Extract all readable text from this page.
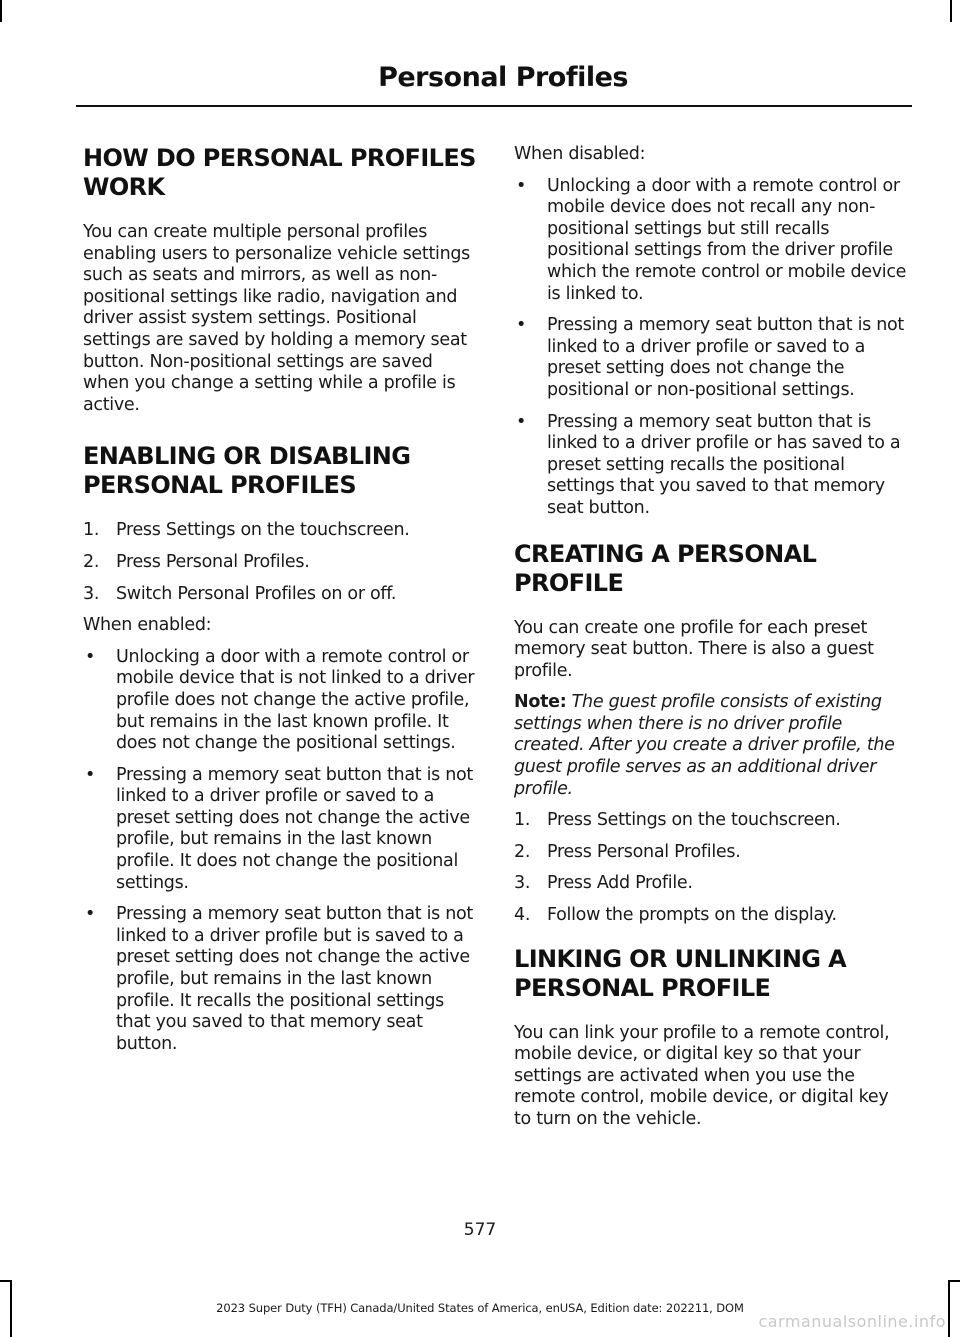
Personal Profiles
HOW DO PERSONAL PROFILES WORK
You can create multiple personal profiles enabling users to personalize vehicle settings such as seats and mirrors, as well as non-positional settings like radio, navigation and driver assist system settings. Positional settings are saved by holding a memory seat button. Non-positional settings are saved when you change a setting while a profile is active.
ENABLING OR DISABLING PERSONAL PROFILES
1. Press Settings on the touchscreen.
2. Press Personal Profiles.
3. Switch Personal Profiles on or off.
When enabled:
• Unlocking a door with a remote control or mobile device that is not linked to a driver profile does not change the active profile, but remains in the last known profile. It does not change the positional settings.
• Pressing a memory seat button that is not linked to a driver profile or saved to a preset setting does not change the active profile, but remains in the last known profile. It does not change the positional settings.
• Pressing a memory seat button that is not linked to a driver profile but is saved to a preset setting does not change the active profile, but remains in the last known profile. It recalls the positional settings that you saved to that memory seat button.
When disabled:
• Unlocking a door with a remote control or mobile device does not recall any non-positional settings but still recalls positional settings from the driver profile which the remote control or mobile device is linked to.
• Pressing a memory seat button that is not linked to a driver profile or saved to a preset setting does not change the positional or non-positional settings.
• Pressing a memory seat button that is linked to a driver profile or has saved to a preset setting recalls the positional settings that you saved to that memory seat button.
CREATING A PERSONAL PROFILE
You can create one profile for each preset memory seat button. There is also a guest profile.
Note: The guest profile consists of existing settings when there is no driver profile created. After you create a driver profile, the guest profile serves as an additional driver profile.
1. Press Settings on the touchscreen.
2. Press Personal Profiles.
3. Press Add Profile.
4. Follow the prompts on the display.
LINKING OR UNLINKING A PERSONAL PROFILE
You can link your profile to a remote control, mobile device, or digital key so that your settings are activated when you use the remote control, mobile device, or digital key to turn on the vehicle.
577
2023 Super Duty (TFH) Canada/United States of America, enUSA, Edition date: 202211, DOM
carmanualsonline.info
